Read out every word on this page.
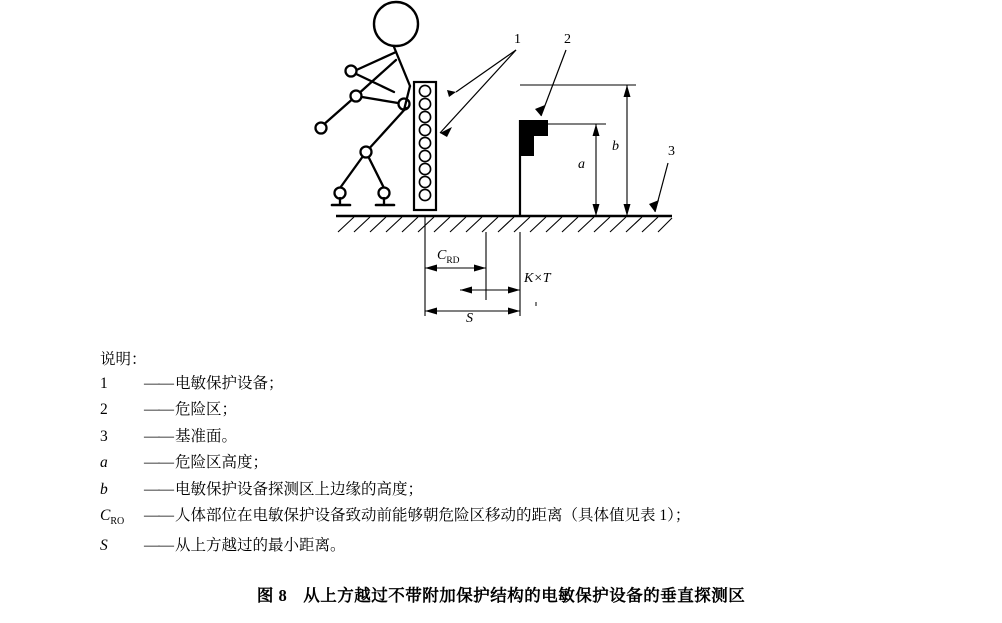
1	2
3
a
b
$C_{RD}$
K×T
S

说明：

1	—— 电敏保护设备；
2	—— 危险区；
3	—— 基准面。
a	—— 危险区高度；
b	—— 电敏保护设备探测区上边缘的高度；
$C_{RO}$	—— 人体部位在电敏保护设备致动前能够朝危险区移动的距离（具体值见表 1）；
S	—— 从上方越过的最小距离。
图 8 从上方越过不带附加保护结构的电敏保护设备的垂直探测区
